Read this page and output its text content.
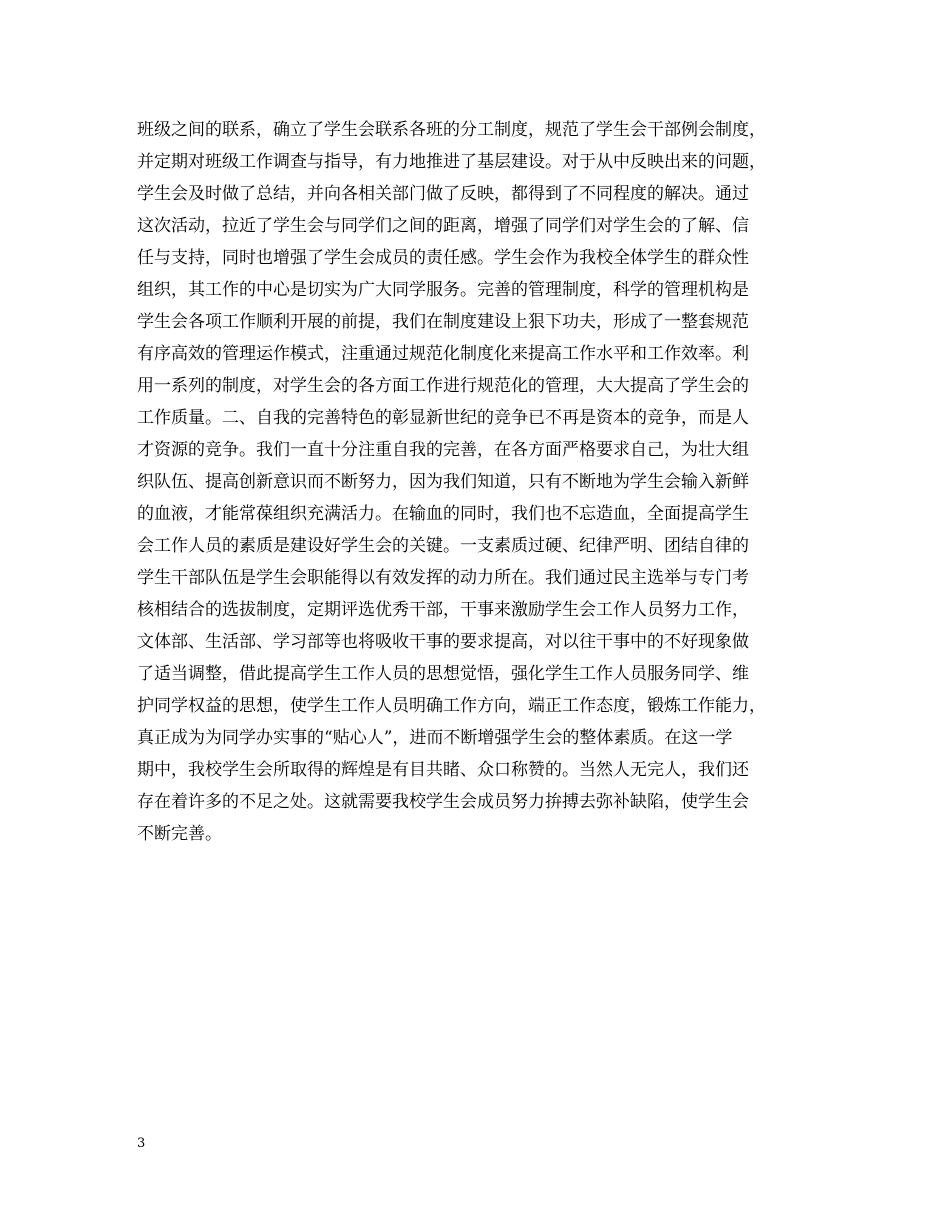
班级之间的联系，确立了学生会联系各班的分工制度，规范了学生会干部例会制度，
并定期对班级工作调查与指导，有力地推进了基层建设。对于从中反映出来的问题，
学生会及时做了总结，并向各相关部门做了反映，都得到了不同程度的解决。通过
这次活动，拉近了学生会与同学们之间的距离，增强了同学们对学生会的了解、信
任与支持，同时也增强了学生会成员的责任感。学生会作为我校全体学生的群众性
组织，其工作的中心是切实为广大同学服务。完善的管理制度，科学的管理机构是
学生会各项工作顺利开展的前提，我们在制度建设上狠下功夫，形成了一整套规范
有序高效的管理运作模式，注重通过规范化制度化来提高工作水平和工作效率。利
用一系列的制度，对学生会的各方面工作进行规范化的管理，大大提高了学生会的
工作质量。二、自我的完善特色的彰显新世纪的竞争已不再是资本的竞争，而是人
才资源的竞争。我们一直十分注重自我的完善，在各方面严格要求自己，为壮大组
织队伍、提高创新意识而不断努力，因为我们知道，只有不断地为学生会输入新鲜
的血液，才能常葆组织充满活力。在输血的同时，我们也不忘造血，全面提高学生
会工作人员的素质是建设好学生会的关键。一支素质过硬、纪律严明、团结自律的
学生干部队伍是学生会职能得以有效发挥的动力所在。我们通过民主选举与专门考
核相结合的选拔制度，定期评选优秀干部，干事来激励学生会工作人员努力工作，
文体部、生活部、学习部等也将吸收干事的要求提高，对以往干事中的不好现象做
了适当调整，借此提高学生工作人员的思想觉悟，强化学生工作人员服务同学、维
护同学权益的思想，使学生工作人员明确工作方向，端正工作态度，锻炼工作能力，
真正成为为同学办实事的“贴心人”，进而不断增强学生会的整体素质。在这一学
期中，我校学生会所取得的辉煌是有目共睹、众口称赞的。当然人无完人，我们还
存在着许多的不足之处。这就需要我校学生会成员努力拚搏去弥补缺陷，使学生会
不断完善。
3
